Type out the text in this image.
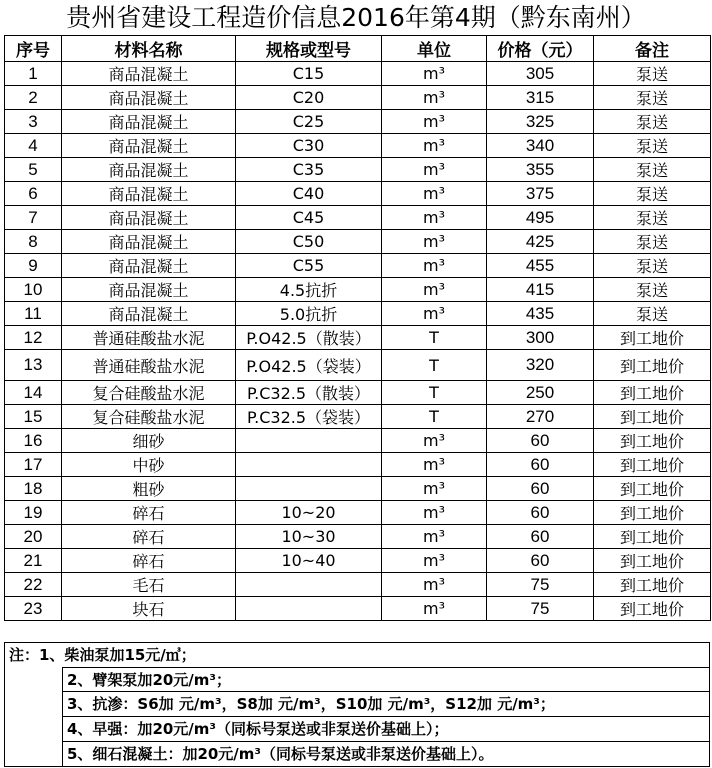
贵州省建设工程造价信息2016年第4期（黔东南州）
序号	材料名称	规格或型号	单位	价格（元）	备注
1	商品混凝土	C15	m³	305	泵送
2	商品混凝土	C20	m³	315	泵送
3	商品混凝土	C25	m³	325	泵送
4	商品混凝土	C30	m³	340	泵送
5	商品混凝土	C35	m³	355	泵送
6	商品混凝土	C40	m³	375	泵送
7	商品混凝土	C45	m³	495	泵送
8	商品混凝土	C50	m³	425	泵送
9	商品混凝土	C55	m³	455	泵送
10	商品混凝土	4.5抗折	m³	415	泵送
11	商品混凝土	5.0抗折	m³	435	泵送
12	普通硅酸盐水泥	P.O42.5（散装）	T	300	到工地价
13	普通硅酸盐水泥	P.O42.5（袋装）	T	320	到工地价
14	复合硅酸盐水泥	P.C32.5（散装）	T	250	到工地价
15	复合硅酸盐水泥	P.C32.5（袋装）	T	270	到工地价
16	细砂		m³	60	到工地价
17	中砂		m³	60	到工地价
18	粗砂		m³	60	到工地价
19	碎石	10~20	m³	60	到工地价
20	碎石	10~30	m³	60	到工地价
21	碎石	10~40	m³	60	到工地价
22	毛石		m³	75	到工地价
23	块石		m³	75	到工地价
注：1、柴油泵加15元/㎥；
2、臂架泵加20元/m³；
3、抗渗：S6加 元/m³，S8加 元/m³，S10加 元/m³，S12加 元/m³；
4、早强：加20元/m³（同标号泵送或非泵送价基础上）；
5、细石混凝土：加20元/m³（同标号泵送或非泵送价基础上）。
